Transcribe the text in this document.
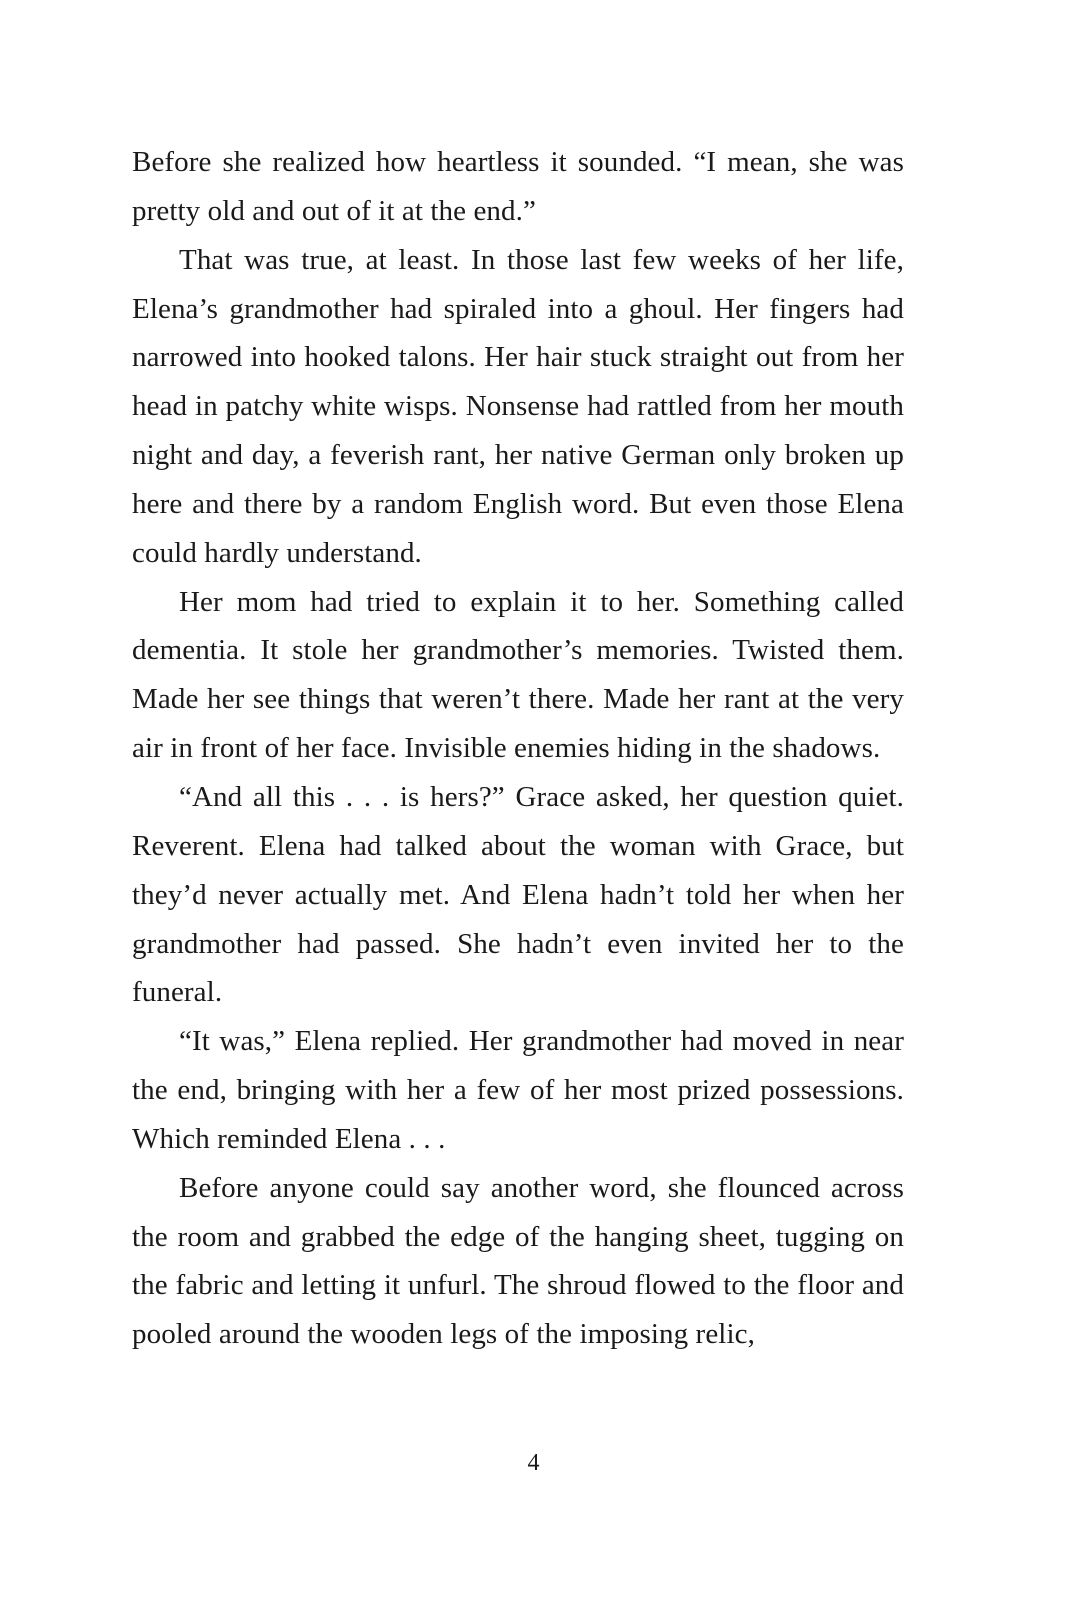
Before she realized how heartless it sounded. “I mean, she was pretty old and out of it at the end.”

That was true, at least. In those last few weeks of her life, Elena’s grandmother had spiraled into a ghoul. Her fingers had narrowed into hooked talons. Her hair stuck straight out from her head in patchy white wisps. Nonsense had rattled from her mouth night and day, a feverish rant, her native German only broken up here and there by a random English word. But even those Elena could hardly understand.

Her mom had tried to explain it to her. Something called dementia. It stole her grandmother’s memories. Twisted them. Made her see things that weren’t there. Made her rant at the very air in front of her face. Invisible enemies hiding in the shadows.

“And all this . . . is hers?” Grace asked, her question quiet. Reverent. Elena had talked about the woman with Grace, but they’d never actually met. And Elena hadn’t told her when her grandmother had passed. She hadn’t even invited her to the funeral.

“It was,” Elena replied. Her grandmother had moved in near the end, bringing with her a few of her most prized possessions. Which reminded Elena . . .

Before anyone could say another word, she flounced across the room and grabbed the edge of the hanging sheet, tugging on the fabric and letting it unfurl. The shroud flowed to the floor and pooled around the wooden legs of the imposing relic,

4
